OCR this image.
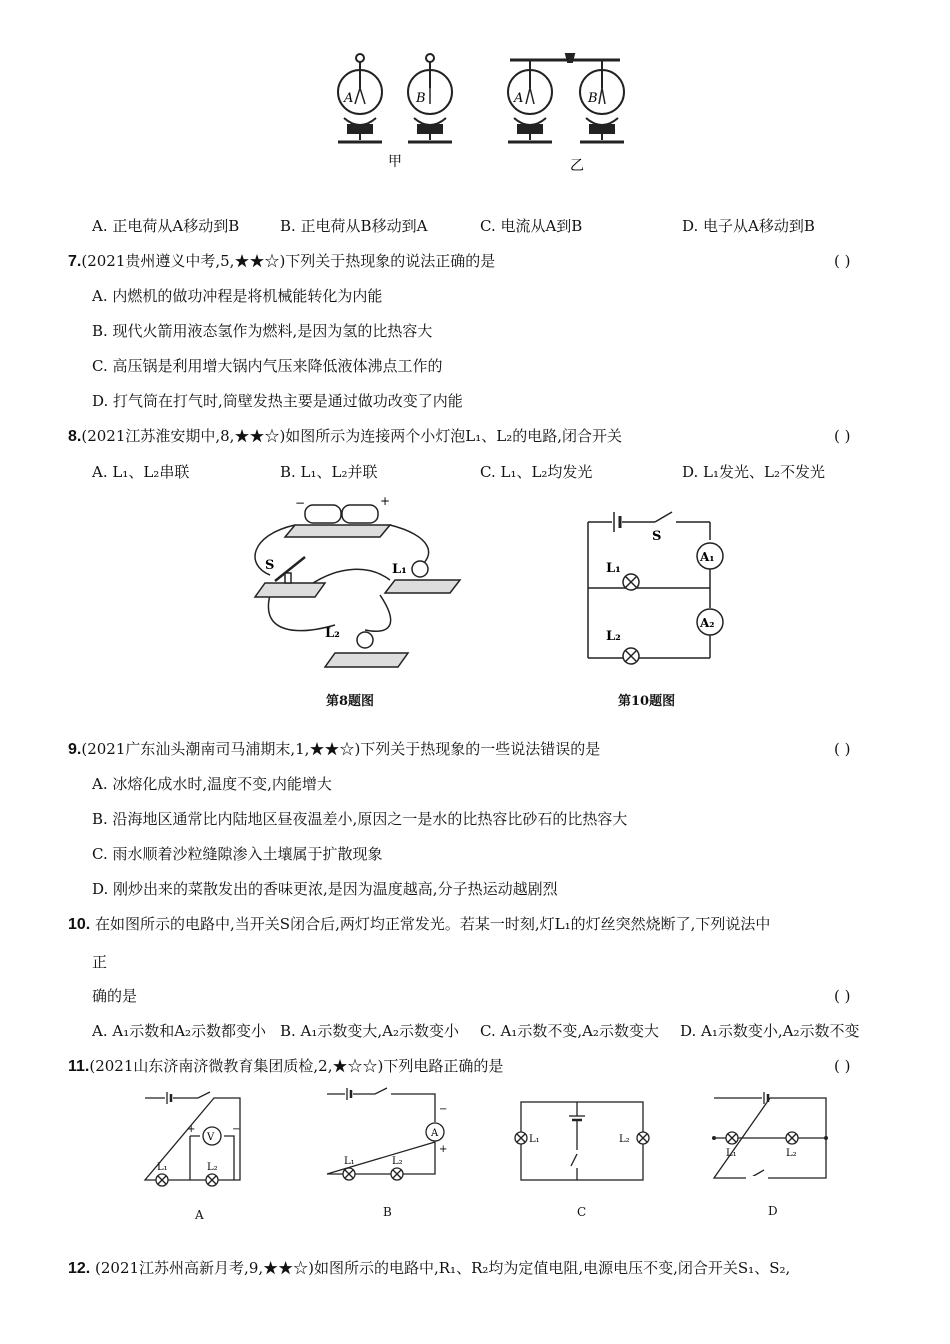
A	B	A	B
甲	乙
A. 正电荷从A移动到B	B. 正电荷从B移动到A	C. 电流从A到B	D. 电子从A移动到B
7.(2021贵州遵义中考,5,★★☆)下列关于热现象的说法正确的是	( )
A. 内燃机的做功冲程是将机械能转化为内能
B. 现代火箭用液态氢作为燃料,是因为氢的比热容大
C. 高压锅是利用增大锅内气压来降低液体沸点工作的
D. 打气筒在打气时,筒壁发热主要是通过做功改变了内能
8.(2021江苏淮安期中,8,★★☆)如图所示为连接两个小灯泡L₁、L₂的电路,闭合开关	( )
A. L₁、L₂串联	B. L₁、L₂并联	C. L₁、L₂均发光	D. L₁发光、L₂不发光
S	L₁
L₂
−	+
第8题图
S
L₁
L₂
A₁
A₂
第10题图
9.(2021广东汕头潮南司马浦期末,1,★★☆)下列关于热现象的一些说法错误的是	( )
A. 冰熔化成水时,温度不变,内能增大
B. 沿海地区通常比内陆地区昼夜温差小,原因之一是水的比热容比砂石的比热容大
C. 雨水顺着沙粒缝隙渗入土壤属于扩散现象
D. 刚炒出来的菜散发出的香味更浓,是因为温度越高,分子热运动越剧烈
10. 在如图所示的电路中,当开关S闭合后,两灯均正常发光。若某一时刻,灯L₁的灯丝突然烧断了,下列说法中
正
确的是	( )
A. A₁示数和A₂示数都变小 B. A₁示数变大,A₂示数变小 C. A₁示数不变,A₂示数变大 D. A₁示数变小,A₂示数不变
11.(2021山东济南济微教育集团质检,2,★☆☆)下列电路正确的是	( )
V
+	−
L₁	L₂
A
A
−
+
L₁	L₂
B
L₁	L₂
C
L₁	L₂
D
12. (2021江苏州高新月考,9,★★☆)如图所示的电路中,R₁、R₂均为定值电阻,电源电压不变,闭合开关S₁、S₂,
